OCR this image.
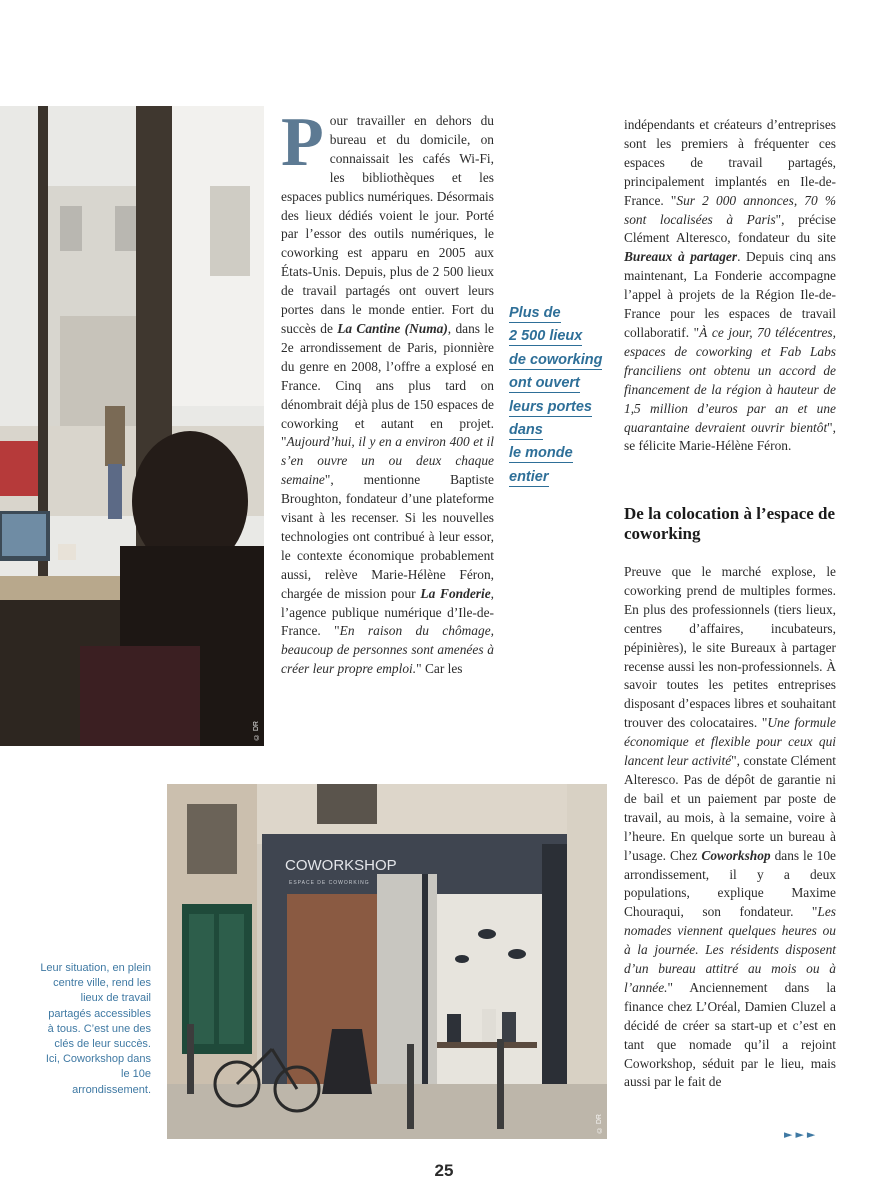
© DR

Pour travailler en dehors du bureau et du domicile, on connaissait les cafés Wi-Fi, les bibliothèques et les espaces publics numériques. Désormais des lieux dédiés voient le jour. Porté par l’essor des outils numériques, le coworking est apparu en 2005 aux États-Unis. Depuis, plus de 2 500 lieux de travail partagés ont ouvert leurs portes dans le monde entier. Fort du succès de La Cantine (Numa), dans le 2e arrondissement de Paris, pionnière du genre en 2008, l’offre a explosé en France. Cinq ans plus tard on dénombrait déjà plus de 150 espaces de coworking et autant en projet. "Aujourd’hui, il y en a environ 400 et il s’en ouvre un ou deux chaque semaine", mentionne Baptiste Broughton, fondateur d’une plateforme visant à les recenser. Si les nouvelles technologies ont contribué à leur essor, le contexte économique probablement aussi, relève Marie-Hélène Féron, chargée de mission pour La Fonderie, l’agence publique numérique d’Ile-de-France. "En raison du chômage, beaucoup de personnes sont amenées à créer leur propre emploi." Car les

Plus de
2 500 lieux
de coworking
ont ouvert
leurs portes
dans
le monde
entier

indépendants et créateurs d’entreprises sont les premiers à fréquenter ces espaces de travail partagés, principalement implantés en Ile-de-France. "Sur 2 000 annonces, 70 % sont localisées à Paris", précise Clément Alteresco, fondateur du site Bureaux à partager. Depuis cinq ans maintenant, La Fonderie accompagne l’appel à projets de la Région Ile-de-France pour les espaces de travail collaboratif. "À ce jour, 70 télécentres, espaces de coworking et Fab Labs franciliens ont obtenu un accord de financement de la région à hauteur de 1,5 million d’euros par an et une quarantaine devraient ouvrir bientôt", se félicite Marie-Hélène Féron.

De la colocation à l’espace de coworking

Preuve que le marché explose, le coworking prend de multiples formes. En plus des professionnels (tiers lieux, centres d’affaires, incubateurs, pépinières), le site Bureaux à partager recense aussi les non-professionnels. À savoir toutes les petites entreprises disposant d’espaces libres et souhaitant trouver des colocataires. "Une formule économique et flexible pour ceux qui lancent leur activité", constate Clément Alteresco. Pas de dépôt de garantie ni de bail et un paiement par poste de travail, au mois, à la semaine, voire à l’heure. En quelque sorte un bureau à l’usage. Chez Coworkshop dans le 10e arrondissement, il y a deux populations, explique Maxime Chouraqui, son fondateur. "Les nomades viennent quelques heures ou à la journée. Les résidents disposent d’un bureau attitré au mois ou à l’année." Anciennement dans la finance chez L’Oréal, Damien Cluzel a décidé de créer sa start-up et c’est en tant que nomade qu’il a rejoint Coworkshop, séduit par le lieu, mais aussi par le fait de

COWORKSHOP
ESPACE DE COWORKING
© DR
Leur situation, en plein centre ville, rend les lieux de travail partagés accessibles à tous. C’est une des clés de leur succès. Ici, Coworkshop dans le 10e arrondissement.
►►►
25
